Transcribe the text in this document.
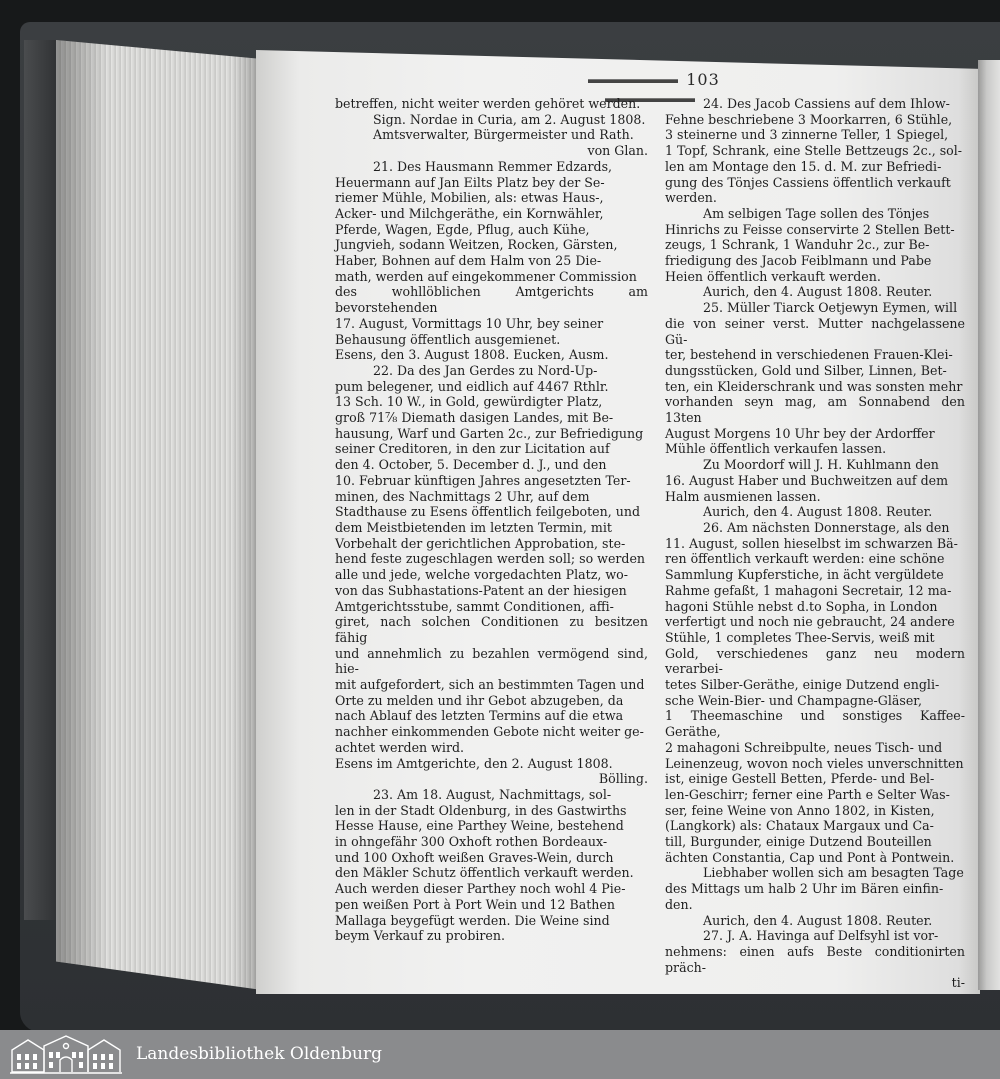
103

betreffen, nicht weiter werden gehöret werden.

Sign. Nordae in Curia, am 2. August 1808.

Amtsverwalter, Bürgermeister und Rath.

von Glan.

21. Des Hausmann Remmer Edzards,

Heuermann auf Jan Eilts Platz bey der Se-

riemer Mühle, Mobilien, als: etwas Haus-,

Acker- und Milchgeräthe, ein Kornwähler,

Pferde, Wagen, Egde, Pflug, auch Kühe,

Jungvieh, sodann Weitzen, Rocken, Gärsten,

Haber, Bohnen auf dem Halm von 25 Die-

math, werden auf eingekommener Commission

des wohllöblichen Amtgerichts am bevorstehenden

17. August, Vormittags 10 Uhr, bey seiner

Behausung öffentlich ausgemienet.

Esens, den 3. August 1808. Eucken, Ausm.

22. Da des Jan Gerdes zu Nord-Up-

pum belegener, und eidlich auf 4467 Rthlr.

13 Sch. 10 W., in Gold, gewürdigter Platz,

groß 71⅞ Diemath dasigen Landes, mit Be-

hausung, Warf und Garten 2c., zur Befriedigung

seiner Creditoren, in den zur Licitation auf

den 4. October, 5. December d. J., und den

10. Februar künftigen Jahres angesetzten Ter-

minen, des Nachmittags 2 Uhr, auf dem

Stadthause zu Esens öffentlich feilgeboten, und

dem Meistbietenden im letzten Termin, mit

Vorbehalt der gerichtlichen Approbation, ste-

hend feste zugeschlagen werden soll; so werden

alle und jede, welche vorgedachten Platz, wo-

von das Subhastations-Patent an der hiesigen

Amtgerichtsstube, sammt Conditionen, affi-

giret, nach solchen Conditionen zu besitzen fähig

und annehmlich zu bezahlen vermögend sind, hie-

mit aufgefordert, sich an bestimmten Tagen und

Orte zu melden und ihr Gebot abzugeben, da

nach Ablauf des letzten Termins auf die etwa

nachher einkommenden Gebote nicht weiter ge-

achtet werden wird.

Esens im Amtgerichte, den 2. August 1808.

Bölling.

23. Am 18. August, Nachmittags, sol-

len in der Stadt Oldenburg, in des Gastwirths

Hesse Hause, eine Parthey Weine, bestehend

in ohngefähr 300 Oxhoft rothen Bordeaux-

und 100 Oxhoft weißen Graves-Wein, durch

den Mäkler Schutz öffentlich verkauft werden.

Auch werden dieser Parthey noch wohl 4 Pie-

pen weißen Port à Port Wein und 12 Bathen

Mallaga beygefügt werden. Die Weine sind

beym Verkauf zu probiren.

24. Des Jacob Cassiens auf dem Ihlow-

Fehne beschriebene 3 Moorkarren, 6 Stühle,

3 steinerne und 3 zinnerne Teller, 1 Spiegel,

1 Topf, Schrank, eine Stelle Bettzeugs 2c., sol-

len am Montage den 15. d. M. zur Befriedi-

gung des Tönjes Cassiens öffentlich verkauft

werden.

Am selbigen Tage sollen des Tönjes

Hinrichs zu Feisse conservirte 2 Stellen Bett-

zeugs, 1 Schrank, 1 Wanduhr 2c., zur Be-

friedigung des Jacob Feiblmann und Pabe

Heien öffentlich verkauft werden.

Aurich, den 4. August 1808. Reuter.

25. Müller Tiarck Oetjewyn Eymen, will

die von seiner verst. Mutter nachgelassene Gü-

ter, bestehend in verschiedenen Frauen-Klei-

dungsstücken, Gold und Silber, Linnen, Bet-

ten, ein Kleiderschrank und was sonsten mehr

vorhanden seyn mag, am Sonnabend den 13ten

August Morgens 10 Uhr bey der Ardorffer

Mühle öffentlich verkaufen lassen.

Zu Moordorf will J. H. Kuhlmann den

16. August Haber und Buchweitzen auf dem

Halm ausmienen lassen.

Aurich, den 4. August 1808. Reuter.

26. Am nächsten Donnerstage, als den

11. August, sollen hieselbst im schwarzen Bä-

ren öffentlich verkauft werden: eine schöne

Sammlung Kupferstiche, in ächt vergüldete

Rahme gefaßt, 1 mahagoni Secretair, 12 ma-

hagoni Stühle nebst d.to Sopha, in London

verfertigt und noch nie gebraucht, 24 andere

Stühle, 1 completes Thee-Servis, weiß mit

Gold, verschiedenes ganz neu modern verarbei-

tetes Silber-Geräthe, einige Dutzend engli-

sche Wein-Bier- und Champagne-Gläser,

1 Theemaschine und sonstiges Kaffee-Geräthe,

2 mahagoni Schreibpulte, neues Tisch- und

Leinenzeug, wovon noch vieles unverschnitten

ist, einige Gestell Betten, Pferde- und Bel-

len-Geschirr; ferner eine Parth e Selter Was-

ser, feine Weine von Anno 1802, in Kisten,

(Langkork) als: Chataux Margaux und Ca-

till, Burgunder, einige Dutzend Bouteillen

ächten Constantia, Cap und Pont à Pontwein.

Liebhaber wollen sich am besagten Tage

des Mittags um halb 2 Uhr im Bären einfin-

den.

Aurich, den 4. August 1808. Reuter.

27. J. A. Havinga auf Delfsyhl ist vor-

nehmens: einen aufs Beste conditionirten präch-

ti-

Landesbibliothek Oldenburg
